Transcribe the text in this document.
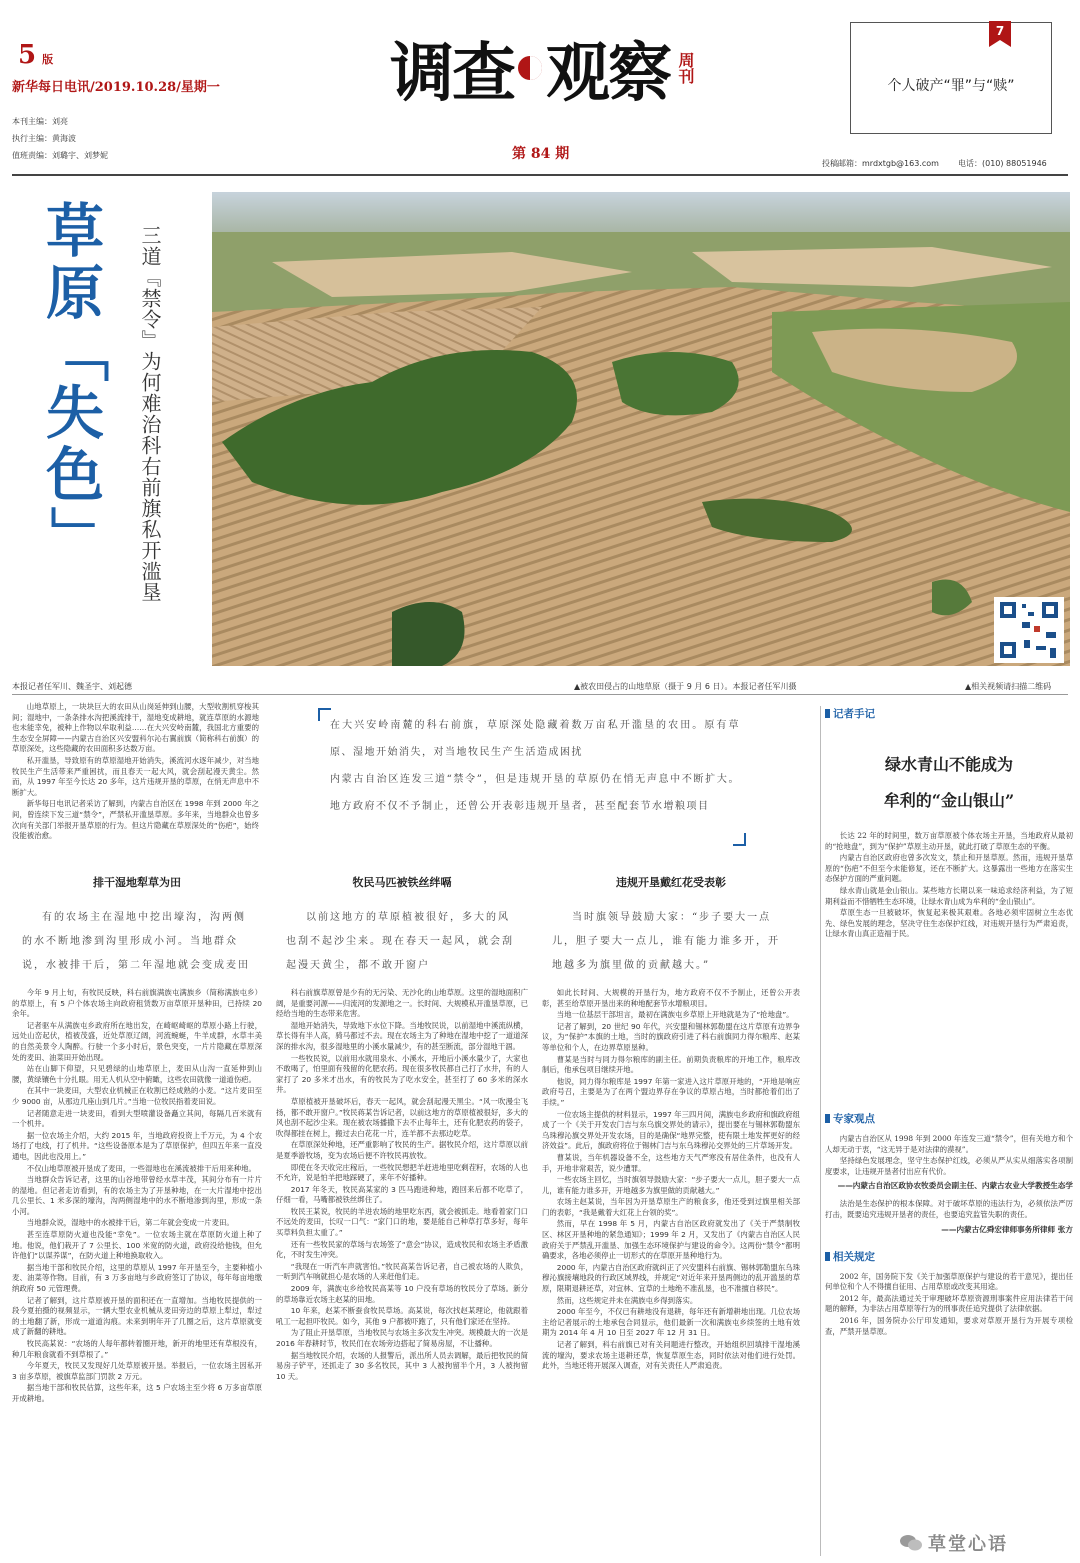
5 版
新华每日电讯/2019.10.28/星期一
本刊主编：刘亮
执行主编：黄海波
值班责编：刘璐宇、刘梦妮
调查 观察 周刊
第 84 期
7
个人破产“罪”与“赎”
投稿邮箱：mrdxtgb@163.com 电话：(010) 88051946
草
原
「
失
色
」 三道『禁令』为何难治科右前旗私开滥垦
本报记者任军川、魏圣宇、刘起德	▲被农田侵占的山地草原（摄于 9 月 6 日）。本报记者任军川摄	▲相关视频请扫描二维码

山地草原上，一块块巨大的农田从山岗延伸到山腰，大型收割机穿梭其间；湿地中，一条条排水沟把溪流排干，湿地变成耕地，就连草原的水源地也未能幸免，被种上作物以牟取利益……在大兴安岭南麓，我国北方重要的生态安全屏障——内蒙古自治区兴安盟科尔沁右翼前旗（简称科右前旗）的草原深处，这些隐藏的农田面积多达数万亩。

私开滥垦，导致原有的草原湿地开始消失，溪流河水逐年减少，对当地牧民生产生活带来严重困扰，而且春天一起大风，就会刮起漫天黄尘。然而，从 1997 年至今长达 20 多年，这片违规开垦的草原，在悄无声息中不断扩大。

新华每日电讯记者采访了解到，内蒙古自治区在 1998 年到 2000 年之间，曾连续下发三道“禁令”，严禁私开滥垦草原。多年来，当地群众也曾多次向有关部门举报开垦草原的行为。但这片隐藏在草原深处的“伤疤”，始终没能被治愈。

在大兴安岭南麓的科右前旗，草原深处隐藏着数万亩私开滥垦的农田。原有草原、湿地开始消失，对当地牧民生产生活造成困扰
内蒙古自治区连发三道“禁令”，但是违规开垦的草原仍在悄无声息中不断扩大。地方政府不仅不予制止，还曾公开表彰违规开垦者，甚至配套节水增粮项目
排干湿地犁草为田
有的农场主在湿地中挖出壕沟，沟两侧的水不断地渗到沟里形成小河。当地群众说，水被排干后，第二年湿地就会变成麦田

今年 9 月上旬，有牧民反映，科右前旗满族屯满族乡（简称满族屯乡）的草原上，有 5 户个体农场主向政府租赁数万亩草原开垦种田，已持续 20 余年。

记者驱车从满族屯乡政府所在地出发，在崎岖崎岖的草原小路上行驶，远处山峦起伏，植被茂盛，近处草原辽阔，河流蜿蜒，牛羊成群，水草丰美的自然美景令人陶醉。行驶一个多小时后，景色突变，一片片隐藏在草原深处的麦田、油菜田开始出现。

站在山脚下仰望，只见碧绿的山地草原上，麦田从山沟一直延伸到山腰，黄绿镶色十分扎眼。用无人机从空中俯瞰，这些农田就像一道道伤疤。

在其中一块麦田，大型农业机械正在收割已经成熟的小麦。“这片麦田至少 9000 亩，从那边几座山到几片。”当地一位牧民指着麦田说。

记者随意走进一块麦田，看到大型喷灌设备矗立其间，每隔几百米就有一个机井。

据一位农场主介绍，大约 2015 年，当地政府投资上千万元，为 4 个农场打了电线，打了机井。“这些设备原本是为了草原保护，但四五年来一直没通电，因此也没用上。”

不仅山地草原被开垦成了麦田，一些湿地也在溪流被排干后用来种地。

当地群众告诉记者，这里的山谷地带曾经水草丰茂，其间分布有一片片的湿地。但记者走访看到，有的农场主为了开垦种地，在一大片湿地中挖出几公里长、1 米多深的壕沟，沟两侧湿地中的水不断地渗到沟里，形成一条小河。

当地群众说，湿地中的水被排干后，第二年就会变成一片麦田。

甚至连草原防火道也没能“幸免”。一位农场主就在草原防火道上种了地。他说，他们栽开了 7 公里长、100 米宽的防火道，政府没给他钱，但允许他们“以谋养谋”，在防火道上种地换取收入。

据当地干部和牧民介绍，这里的草原从 1997 年开垦至今，主要种植小麦、油菜等作物。目前，有 3 万多亩地与乡政府签订了协议，每年每亩地缴纳政府 50 元管理费。

记者了解到，这片草原被开垦的面积还在一直增加。当地牧民提供的一段今夏拍摄的视频显示，一辆大型农业机械从麦田旁边的草原上犁过，犁过的土地翻了新，形成一道道沟痕。未来到明年开了几圈之后，这片草原就变成了新翻的耕地。

牧民高某说：“农场的人每年都转着圈开地，新开的地里还有草根没有，种几年粮食就看不到草根了。”

今年夏天，牧民又发现好几处草原被开垦。举报后，一位农场主因私开 3 亩多草原，被旗草监部门罚款 2 万元。

据当地干部和牧民估算，这些年来，这 5 户农场主至少将 6 万多亩草原开成耕地。

牧民马匹被铁丝绊嗝
以前这地方的草原植被很好，多大的风也刮不起沙尘来。现在春天一起风，就会刮起漫天黄尘，都不敢开窗户

科右前旗草原曾是少有的无污染、无沙化的山地草原。这里的湿地面积广阔，是重要河源——归流河的发源地之一。长时间、大规模私开滥垦草原，已经给当地的生态带来危害。

湿地开始消失，导致地下水位下降。当地牧民说，以前湿地中溪流纵横，草长得有半人高，骑马都过不去。现在农场主为了种地在湿地中挖了一道道深深的排水沟，很多湿地里的小溪水量减少，有的甚至断流，部分湿地干涸。

一些牧民说，以前用水就用泉水、小溪水，开地后小溪水量少了，大家也不敢喝了，怕里面有残留的化肥农药。现在很多牧民都自己打了水井，有的人家打了 20 多米才出水，有的牧民为了吃水安全，甚至打了 60 多米的深水井。

草原植被开垦破坏后，春天一起风，就会刮起漫天黑尘。“风一吹漫尘飞扬，都不敢开窗户。”牧民蒋某告诉记者，以前这地方的草原植被很好，多大的风也刮不起沙尘来。现在被农场播撒下去不止每年土，还有化肥农药的袋子，吹得都挂在树上，搬过去白花花一片，连羊都不去那边吃草。

在草原深处种地，还严重影响了牧民的生产。据牧民介绍，这片草原以前是夏季游牧场，变为农场后便不许牧民再放牧。

即使在冬天收完庄稼后，一些牧民想把羊赶进地里吃剩茬籽，农场的人也不允许，说是怕羊把地踩硬了，来年不好播种。

2017 年冬天，牧民高某家的 3 匹马跑进种地，跑回来后都不吃草了，仔细一看，马嘴都被铁丝绑住了。

牧民王某说，牧民的羊进农场的地里吃东西，就会被抓走。地看着家门口不远处的麦田，长叹一口气：“家门口的地，要是能自己种草打草多好，每年买草料负担太重了。”

还有一些牧民家的草场与农场签了“意会”协议，造成牧民和农场主矛盾激化，不时发生冲突。

“我现在一听汽车声就害怕。”牧民高某告诉记者，自己被农场的人欺负，一听到汽车响就担心是农场的人来赶他们走。

2009 年，满族屯乡给牧民高某等 10 户没有草场的牧民分了草场。新分的草场靠近农场主赵某的田地。

10 年来，赵某不断蚕食牧民草场。高某说，每次找赵某理论，他就跟着吼工一起担吓牧民。如今，其他 9 户都被吓跑了，只有他们家还在坚持。

为了阻止开垦草原，当地牧民与农场主多次发生冲突。规模最大的一次是 2016 年春耕时节，牧民们在农场旁边搭起了简易房屋，不让播种。

据当地牧民介绍，农场的人报警后，派出所人员去调解，最后把牧民的简易房子铲平，还抓走了 30 多名牧民，其中 3 人被拘留半个月，3 人被拘留 10 天。

违规开垦戴红花受表彰
当时旗领导鼓励大家：“步子要大一点儿，胆子要大一点儿，谁有能力谁多开，开地越多为旗里做的贡献越大。”

如此长时间、大规模的开垦行为，地方政府不仅不予制止，还曾公开表彰，甚至给草原开垦出来的种地配套节水增粮项目。

当地一位基层干部坦言，最初在满族屯乡草原上开地就是为了“抢地盘”。

记者了解到，20 世纪 90 年代，兴安盟和锡林郭勒盟在这片草原有边界争议，为“保护”本旗的土地，当时的旗政府引进了科右前旗同力得尔粮库、赵某等单位和个人，在边界草原垦种。

曹某是当时与同力得尔粮库的副主任。前期负责粮库的开地工作，粮库改制后，他承包项目继续开地。

他说，同力得尔粮库是 1997 年第一家进入这片草原开地的，“开地是响应政府号召，主要是为了在两个盟边界存在争议的草原占地，当时都抢着们出了手续。”

一位农场主提供的材料显示，1997 年三四月间，满族屯乡政府和旗政府组成了一个《关于开发农门吉与东乌旗交界处的请示》，提出要在与锡林郭勒盟东乌珠穆沁旗交界处开发农场，目的是确保“地界完整，使有限土地发挥更好的经济效益”。此后，旗政府将位于锡林门吉与东乌珠穆沁交界处的三片草场开发。

曹某说，当年机器设备不全，这些地方天气严寒没有居住条件，也没有人手，开地非常艰苦，说少遭罪。

一些农场主回忆，当时旗领导鼓励大家：“步子要大一点儿，胆子要大一点儿，谁有能力谁多开，开地越多为旗里做的贡献越大。”

农场主赵某说，当年因为开垦草原生产的粮食多，他还受到过旗里相关部门的表彰，“我是戴着大红花上台领的奖”。

然而，早在 1998 年 5 月，内蒙古自治区政府就发出了《关于严禁制牧区、林区开垦种地的紧急通知》；1999 年 2 月，又发出了《内蒙古自治区人民政府关于严禁乱开滥垦、加强生态环境保护与建设的命令》。这两份“禁令”都明确要求，各地必须停止一切形式的在草原开垦种地行为。

2000 年，内蒙古自治区政府就纠正了兴安盟科右前旗、锡林郭勒盟东乌珠穆沁旗接壤地段的行政区域界线，并规定“对近年来开垦两侧边的乱开滥垦的草原，限期退耕还草，对宜林、宜草的土地绝不准乱垦，也不准擅自移民”。

然而，这些规定并未在满族屯乡得到落实。

2000 年至今，不仅已有耕地没有退耕，每年还有新增耕地出现。几位农场主给记者展示的土地承包合同显示，他们最新一次和满族屯乡续签的土地有效期为 2014 年 4 月 10 日至 2027 年 12 月 31 日。

记者了解到，科右前旗已对有关问题进行整改，开始组织回填排干湿地溪流的壕沟，要求农场主退耕还草，恢复草原生态，同时依法对他们进行处罚。此外，当地还将开展深入调查，对有关责任人严肃追责。

记者手记
绿水青山不能成为
牟利的“金山银山”

长达 22 年的时间里，数万亩草原被个体农场主开垦，当地政府从最初的“抢地盘”，到为“保护”草原主动开垦，就此打破了草原生态的平衡。

内蒙古自治区政府也曾多次发文，禁止和开垦草原。然而，违规开垦草原的“伤疤”不但至今未能修复，还在不断扩大。这暴露出一些地方在落实生态保护方面的严重问题。

绿水青山就是金山银山。某些地方长期以来一味追求经济利益，为了短期利益而不惜牺牲生态环境，让绿水青山成为牟利的“金山银山”。

草原生态一旦被破坏，恢复起来极其艰难。各地必须牢固树立生态优先、绿色发展的理念，坚决守住生态保护红线，对违规开垦行为严肃追责，让绿水青山真正造福于民。

专家观点

内蒙古自治区从 1998 年到 2000 年连发三道“禁令”，但有关地方和个人却无动于衷，“这无异于是对法律的漠视”。

坚持绿色发展理念，坚守生态保护红线，必须从严从实从细落实各项制度要求，让违规开垦者付出应有代价。

——内蒙古自治区政协农牧委员会副主任、内蒙古农业大学教授生态学

法治是生态保护的根本保障。对于破坏草原的违法行为，必须依法严厉打击，既要追究违规开垦者的责任，也要追究监管失职的责任。

——内蒙古亿舜宏律师事务所律师 张方
相关规定

2002 年，国务院下发《关于加强草原保护与建设的若干意见》，提出任何单位和个人不得擅自征用、占用草原或改变其用途。

2012 年，最高法通过关于审理破坏草原资源刑事案件应用法律若干问题的解释，为非法占用草原等行为的刑事责任追究提供了法律依据。

2016 年，国务院办公厅印发通知，要求对草原开垦行为开展专项检查，严禁开垦草原。

草堂心语
